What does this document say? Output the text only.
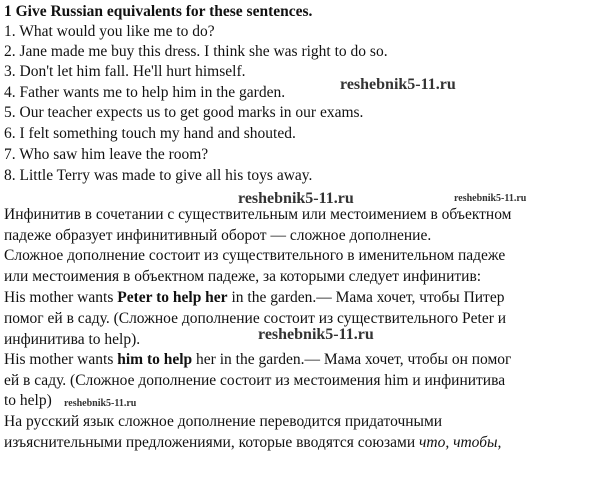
1 Give Russian equivalents for these sentences.
1. What would you like me to do?
2. Jane made me buy this dress. I think she was right to do so.
3. Don't let him fall. He'll hurt himself.
4. Father wants me to help him in the garden.
5. Our teacher expects us to get good marks in our exams.
6. I felt something touch my hand and shouted.
7. Who saw him leave the room?
8. Little Terry was made to give all his toys away.
Инфинитив в сочетании с существительным или местоимением в объектном
падеже образует инфинитивный оборот — сложное дополнение.
Сложное дополнение состоит из существительного в именительном падеже
или местоимения в объектном падеже, за которыми следует инфинитив:
His mother wants Peter to help her in the garden.— Мама хочет, чтобы Питер
помог ей в саду. (Сложное дополнение состоит из существительного Peter и
инфинитива to help).
His mother wants him to help her in the garden.— Мама хочет, чтобы он помог
ей в саду. (Сложное дополнение состоит из местоимения him и инфинитива
to help)
На русский язык сложное дополнение переводится придаточными
изъяснительными предложениями, которые вводятся союзами что, чтобы,
reshebnik5-11.ru
reshebnik5-11.ru
reshebnik5-11.ru
reshebnik5-11.ru
reshebnik5-11.ru
